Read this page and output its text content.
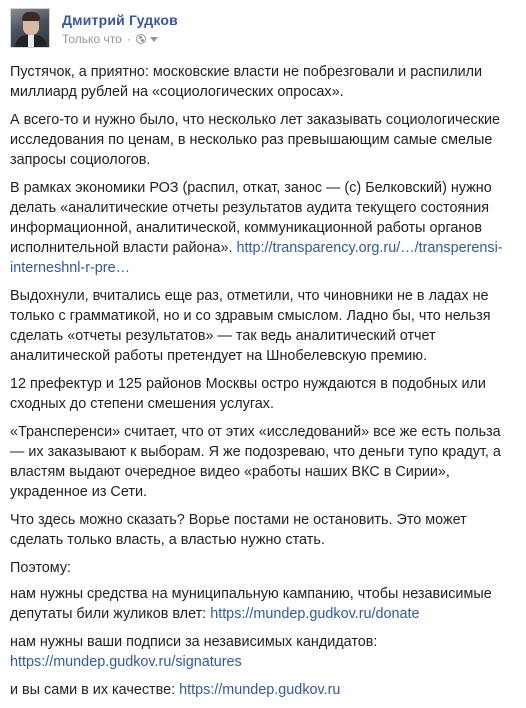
Дмитрий Гудков
Только что ·

Пустячок, а приятно: московские власти не побрезговали и распилили миллиард рублей на «социологических опросах».

А всего-то и нужно было, что несколько лет заказывать социологические исследования по ценам, в несколько раз превышающим самые смелые запросы социологов.

В рамках экономики РОЗ (распил, откат, занос — (с) Белковский) нужно делать «аналитические отчеты результатов аудита текущего состояния информационной, аналитической, коммуникационной работы органов исполнительной власти района». http://transparency.org.ru/…/transperensi-interneshnl-r-pre…

Выдохнули, вчитались еще раз, отметили, что чиновники не в ладах не только с грамматикой, но и со здравым смыслом. Ладно бы, что нельзя сделать «отчеты результатов» — так ведь аналитический отчет аналитической работы претендует на Шнобелевскую премию.

12 префектур и 125 районов Москвы остро нуждаются в подобных или сходных до степени смешения услугах.

«Трансперенси» считает, что от этих «исследований» все же есть польза — их заказывают к выборам. Я же подозреваю, что деньги тупо крадут, а властям выдают очередное видео «работы наших ВКС в Сирии», украденное из Сети.

Что здесь можно сказать? Ворье постами не остановить. Это может сделать только власть, а властью нужно стать.

Поэтому:

нам нужны средства на муниципальную кампанию, чтобы независимые депутаты били жуликов влет: https://mundep.gudkov.ru/donate

нам нужны ваши подписи за независимых кандидатов: https://mundep.gudkov.ru/signatures

и вы сами в их качестве: https://mundep.gudkov.ru
